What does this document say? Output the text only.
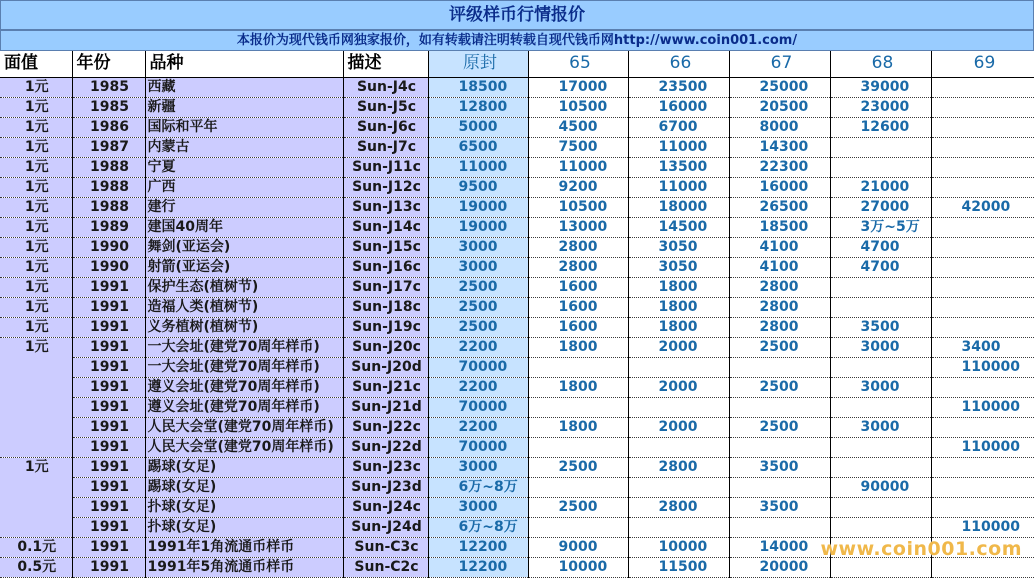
评级样币行情报价
本报价为现代钱币网独家报价，如有转载请注明转载自现代钱币网http://www.coin001.com/
面值	年份	品种	描述	原封	65	66	67	68	69
1元	1985	西藏	Sun-J4c	18500	17000	23500	25000	39000	
1元	1985	新疆	Sun-J5c	12800	10500	16000	20500	23000	
1元	1986	国际和平年	Sun-J6c	5000	4500	6700	8000	12600	
1元	1987	内蒙古	Sun-J7c	6500	7500	11000	14300		
1元	1988	宁夏	Sun-J11c	11000	11000	13500	22300		
1元	1988	广西	Sun-J12c	9500	9200	11000	16000	21000	
1元	1988	建行	Sun-J13c	19000	10500	18000	26500	27000	42000
1元	1989	建国40周年	Sun-J14c	19000	13000	14500	18500	3万~5万	
1元	1990	舞剑(亚运会)	Sun-J15c	3000	2800	3050	4100	4700	
1元	1990	射箭(亚运会)	Sun-J16c	3000	2800	3050	4100	4700	
1元	1991	保护生态(植树节)	Sun-J17c	2500	1600	1800	2800		
1元	1991	造福人类(植树节)	Sun-J18c	2500	1600	1800	2800		
1元	1991	义务植树(植树节)	Sun-J19c	2500	1600	1800	2800	3500	
1元	1991	一大会址(建党70周年样币)	Sun-J20c	2200	1800	2000	2500	3000	3400
	1991	一大会址(建党70周年样币)	Sun-J20d	70000					110000
	1991	遵义会址(建党70周年样币)	Sun-J21c	2200	1800	2000	2500	3000	
	1991	遵义会址(建党70周年样币)	Sun-J21d	70000					110000
	1991	人民大会堂(建党70周年样币)	Sun-J22c	2200	1800	2000	2500	3000	
	1991	人民大会堂(建党70周年样币)	Sun-J22d	70000					110000
1元	1991	踢球(女足)	Sun-J23c	3000	2500	2800	3500		
	1991	踢球(女足)	Sun-J23d	6万~8万				90000	
	1991	扑球(女足)	Sun-J24c	3000	2500	2800	3500		
	1991	扑球(女足)	Sun-J24d	6万~8万					110000
0.1元	1991	1991年1角流通币样币	Sun-C3c	12200	9000	10000	14000		
0.5元	1991	1991年5角流通币样币	Sun-C2c	12200	10000	11500	20000		
www.coin001.com
